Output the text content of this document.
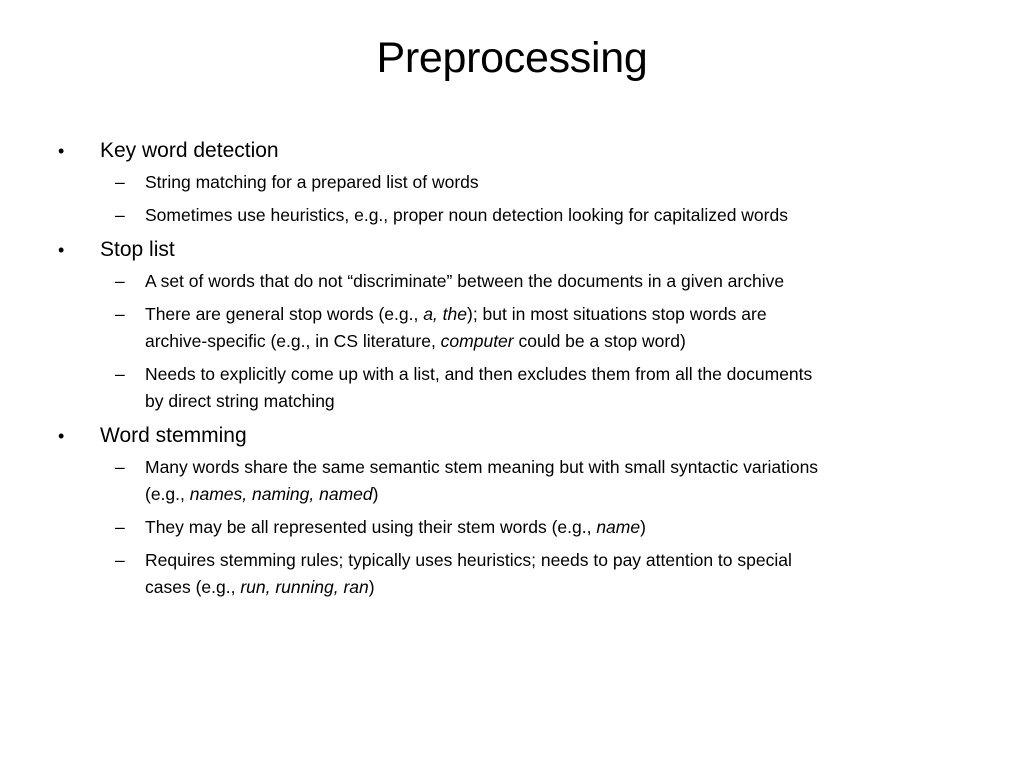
Preprocessing
•	Key word detection
–	String matching for a prepared list of words
–	Sometimes use heuristics, e.g., proper noun detection looking for capitalized words
•	Stop list
–	A set of words that do not “discriminate” between the documents in a given archive
–	There are general stop words (e.g., a, the); but in most situations stop words are
archive-specific (e.g., in CS literature, computer could be a stop word)
–	Needs to explicitly come up with a list, and then excludes them from all the documents
by direct string matching
•	Word stemming
–	Many words share the same semantic stem meaning but with small syntactic variations
(e.g., names, naming, named)
–	They may be all represented using their stem words (e.g., name)
–	Requires stemming rules; typically uses heuristics; needs to pay attention to special
cases (e.g., run, running, ran)
